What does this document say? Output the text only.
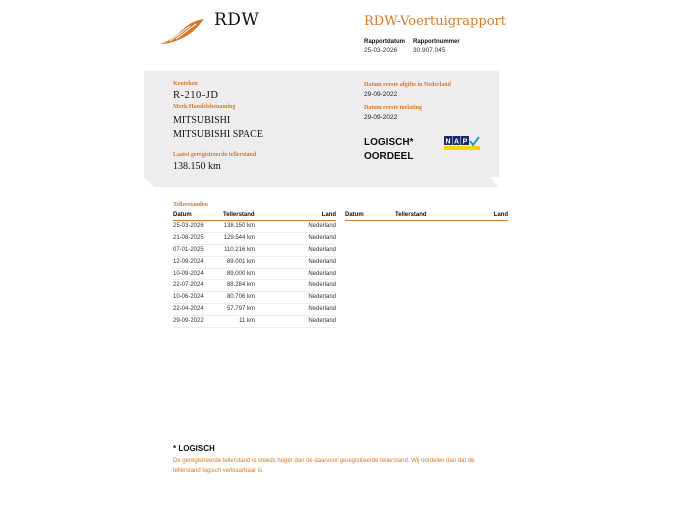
RDW	RDW-Voertuigrapport
Rapportdatum
25-03-2026
Rapportnummer
30.907.045
Kenteken
R-210-JD
Merk/Handelsbenaming
MITSUBISHI
MITSUBISHI SPACE
Laatst geregistreerde tellerstand
138.150 km
Datum eerste afgifte in Nederland
29-09-2022
Datum eerste toelating
29-09-2022
LOGISCH*
OORDEEL
N A P
Tellerstanden
Datum	Tellerstand	Land
25-03-2026	138.150 km	Nederland
21-08-2025	129.544 km	Nederland
07-01-2025	110.216 km	Nederland
12-09-2024	89.001 km	Nederland
10-09-2024	89.000 km	Nederland
22-07-2024	88.284 km	Nederland
10-06-2024	80.706 km	Nederland
22-04-2024	57.797 km	Nederland
29-09-2022	11 km	Nederland
Datum	Tellerstand	Land
* LOGISCH
De geregistreerde tellerstand is steeds hoger dan de daarvoor geregistreerde tellerstand. Wij oordelen dan dat de tellerstand logisch verklaarbaar is.
